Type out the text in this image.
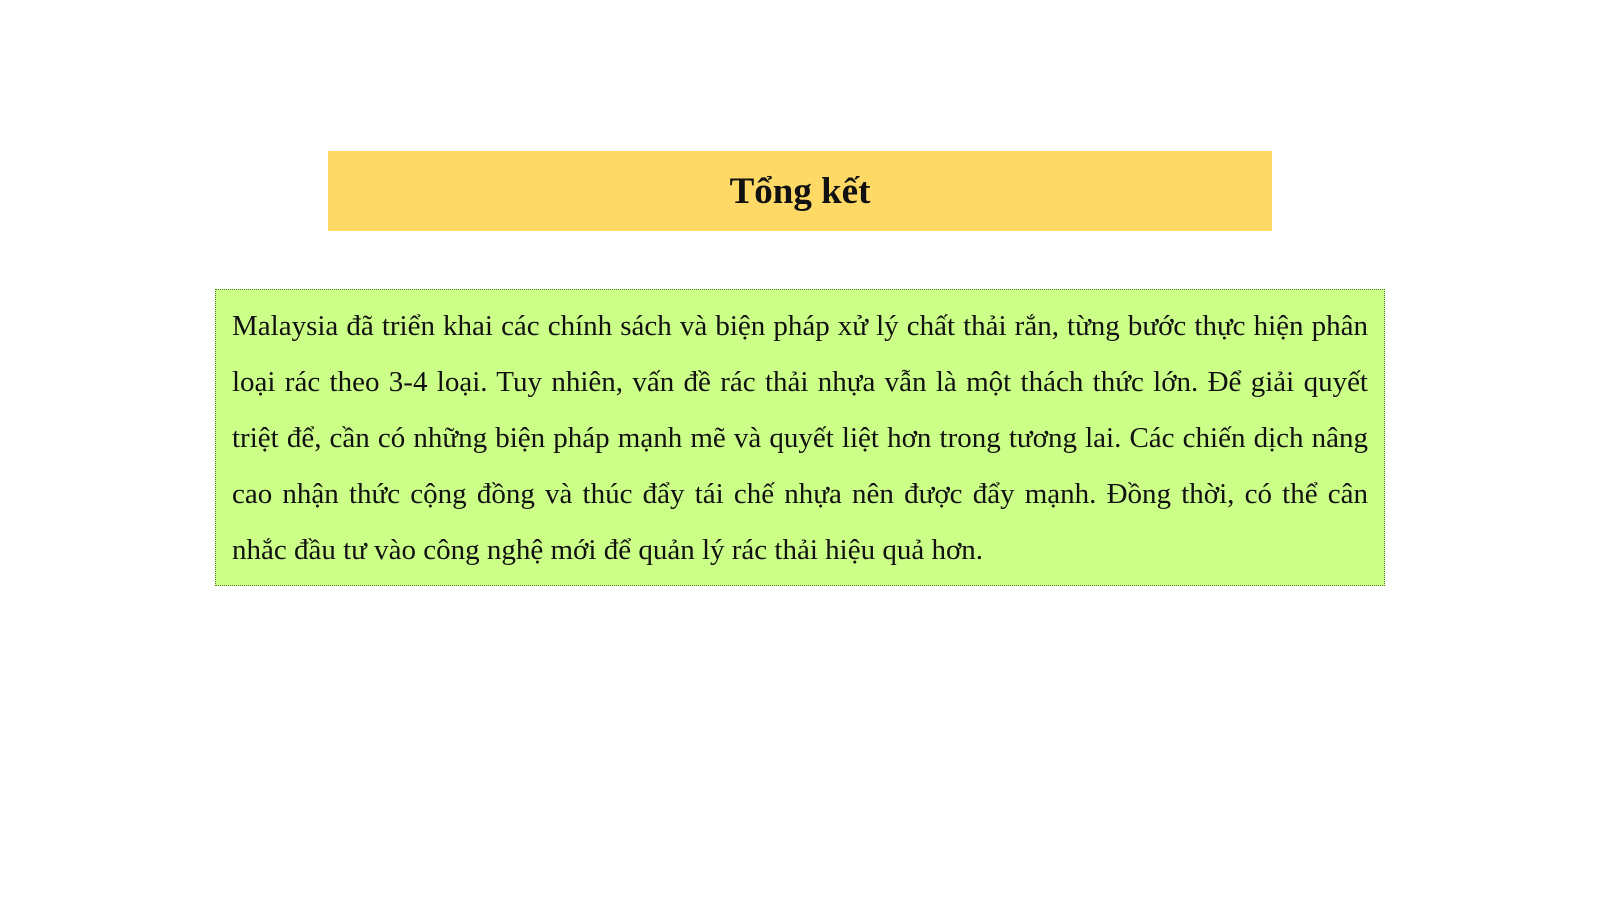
Tổng kết

Malaysia đã triển khai các chính sách và biện pháp xử lý chất thải rắn, từng bước thực hiện phân loại rác theo 3-4 loại. Tuy nhiên, vấn đề rác thải nhựa vẫn là một thách thức lớn. Để giải quyết triệt để, cần có những biện pháp mạnh mẽ và quyết liệt hơn trong tương lai. Các chiến dịch nâng cao nhận thức cộng đồng và thúc đẩy tái chế nhựa nên được đẩy mạnh. Đồng thời, có thể cân nhắc đầu tư vào công nghệ mới để quản lý rác thải hiệu quả hơn.
